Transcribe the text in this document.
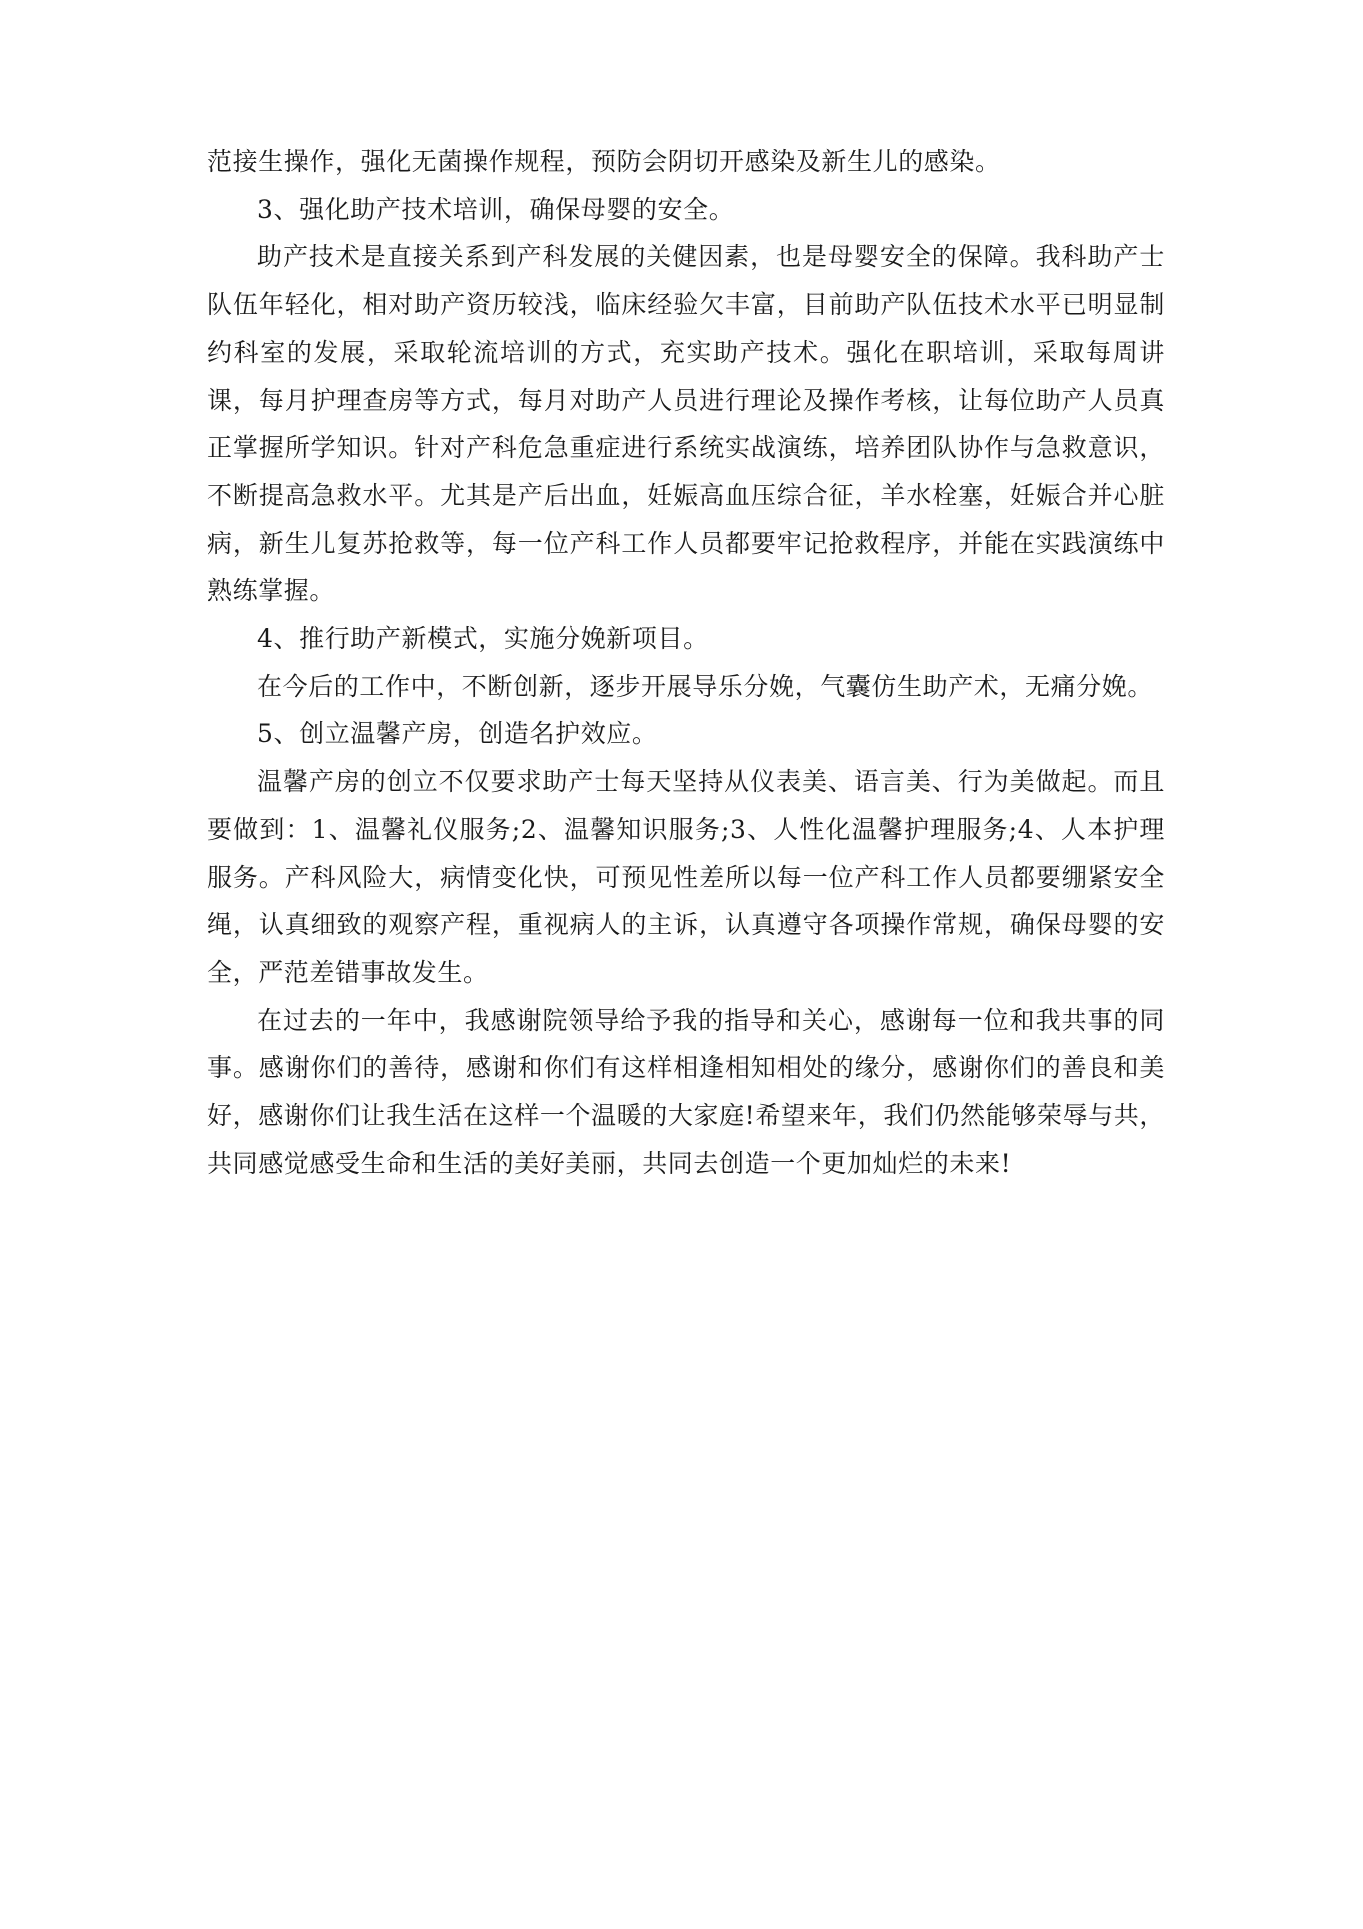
范接生操作，强化无菌操作规程，预防会阴切开感染及新生儿的感染。

3、强化助产技术培训，确保母婴的安全。

助产技术是直接关系到产科发展的关健因素，也是母婴安全的保障。我科助产士队伍年轻化，相对助产资历较浅，临床经验欠丰富，目前助产队伍技术水平已明显制约科室的发展，采取轮流培训的方式，充实助产技术。强化在职培训，采取每周讲课，每月护理查房等方式，每月对助产人员进行理论及操作考核，让每位助产人员真正掌握所学知识。针对产科危急重症进行系统实战演练，培养团队协作与急救意识，不断提高急救水平。尤其是产后出血，妊娠高血压综合征，羊水栓塞，妊娠合并心脏病，新生儿复苏抢救等，每一位产科工作人员都要牢记抢救程序，并能在实践演练中熟练掌握。

4、推行助产新模式，实施分娩新项目。

在今后的工作中，不断创新，逐步开展导乐分娩，气囊仿生助产术，无痛分娩。

5、创立温馨产房，创造名护效应。

温馨产房的创立不仅要求助产士每天坚持从仪表美、语言美、行为美做起。而且要做到：1、温馨礼仪服务;2、温馨知识服务;3、人性化温馨护理服务;4、人本护理服务。产科风险大，病情变化快，可预见性差所以每一位产科工作人员都要绷紧安全绳，认真细致的观察产程，重视病人的主诉，认真遵守各项操作常规，确保母婴的安全，严范差错事故发生。

在过去的一年中，我感谢院领导给予我的指导和关心，感谢每一位和我共事的同事。感谢你们的善待，感谢和你们有这样相逢相知相处的缘分，感谢你们的善良和美好，感谢你们让我生活在这样一个温暖的大家庭!希望来年，我们仍然能够荣辱与共，共同感觉感受生命和生活的美好美丽，共同去创造一个更加灿烂的未来!
